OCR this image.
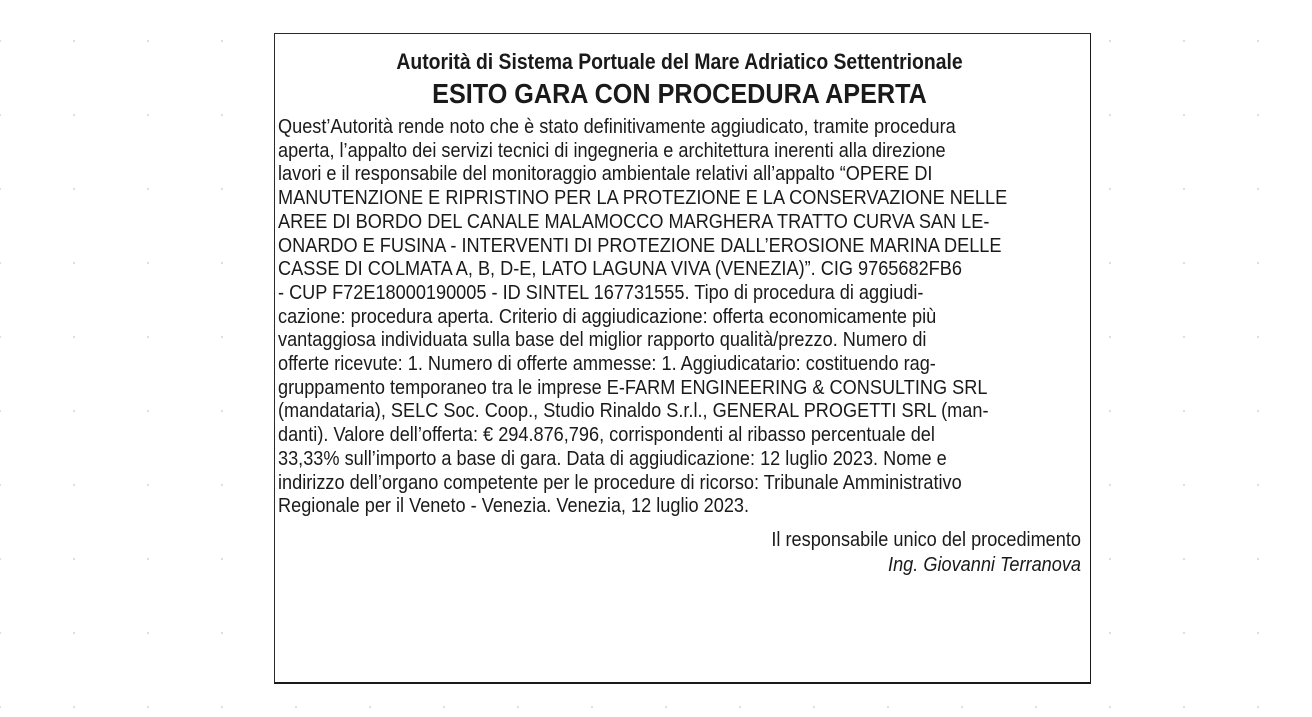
Autorità di Sistema Portuale del Mare Adriatico Settentrionale
ESITO GARA CON PROCEDURA APERTA
Quest’Autorità rende noto che è stato definitivamente aggiudicato, tramite procedura
aperta, l’appalto dei servizi tecnici di ingegneria e architettura inerenti alla direzione
lavori e il responsabile del monitoraggio ambientale relativi all’appalto “OPERE DI
MANUTENZIONE E RIPRISTINO PER LA PROTEZIONE E LA CONSERVAZIONE NELLE
AREE DI BORDO DEL CANALE MALAMOCCO MARGHERA TRATTO CURVA SAN LE-
ONARDO E FUSINA - INTERVENTI DI PROTEZIONE DALL’EROSIONE MARINA DELLE
CASSE DI COLMATA A, B, D-E, LATO LAGUNA VIVA (VENEZIA)”. CIG 9765682FB6
- CUP F72E18000190005 - ID SINTEL 167731555. Tipo di procedura di aggiudi-
cazione: procedura aperta. Criterio di aggiudicazione: offerta economicamente più
vantaggiosa individuata sulla base del miglior rapporto qualità/prezzo. Numero di
offerte ricevute: 1. Numero di offerte ammesse: 1. Aggiudicatario: costituendo rag-
gruppamento temporaneo tra le imprese E-FARM ENGINEERING & CONSULTING SRL
(mandataria), SELC Soc. Coop., Studio Rinaldo S.r.l., GENERAL PROGETTI SRL (man-
danti). Valore dell’offerta: € 294.876,796, corrispondenti al ribasso percentuale del
33,33% sull’importo a base di gara. Data di aggiudicazione: 12 luglio 2023. Nome e
indirizzo dell’organo competente per le procedure di ricorso: Tribunale Amministrativo
Regionale per il Veneto - Venezia. Venezia, 12 luglio 2023.
Il responsabile unico del procedimento
Ing. Giovanni Terranova
